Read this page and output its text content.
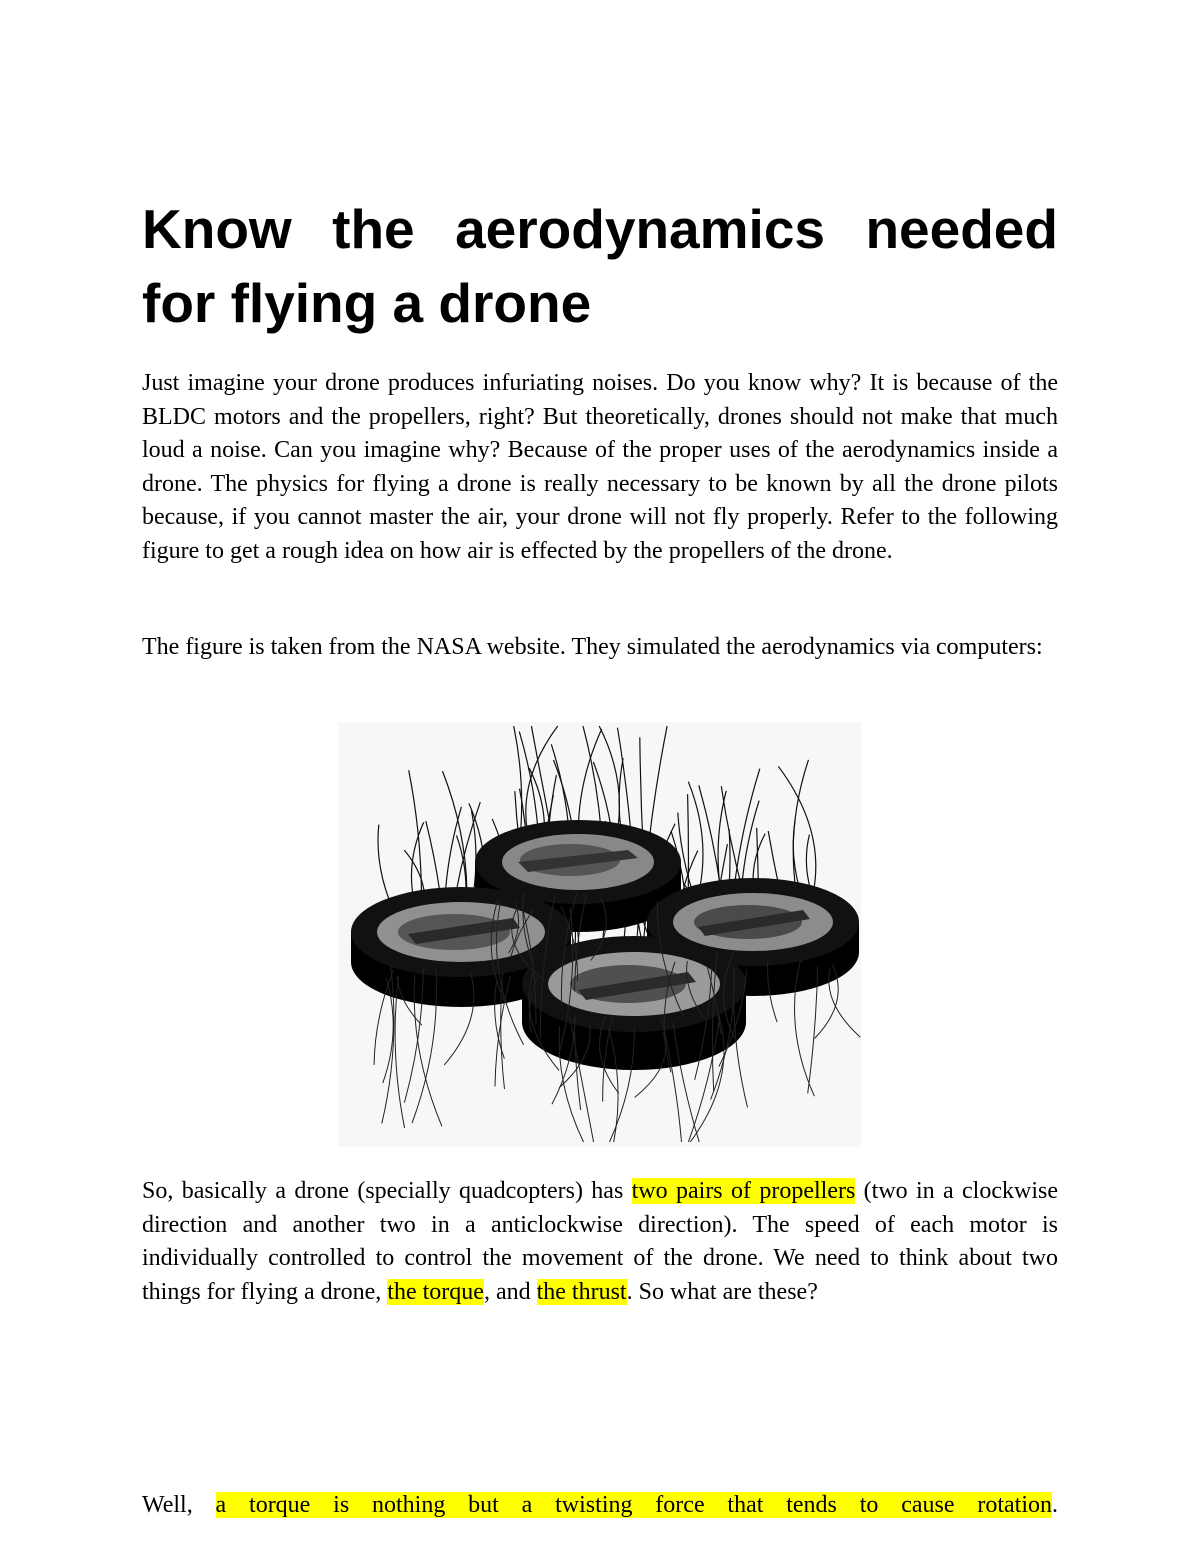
Know the aerodynamics needed for flying a drone

Just imagine your drone produces infuriating noises. Do you know why? It is because of the BLDC motors and the propellers, right? But theoretically, drones should not make that much loud a noise. Can you imagine why? Because of the proper uses of the aerodynamics inside a drone. The physics for flying a drone is really necessary to be known by all the drone pilots because, if you cannot master the air, your drone will not fly properly. Refer to the following figure to get a rough idea on how air is effected by the propellers of the drone.

The figure is taken from the NASA website. They simulated the aerodynamics via computers:

So, basically a drone (specially quadcopters) has two pairs of propellers (two in a clockwise direction and another two in a anticlockwise direction). The speed of each motor is individually controlled to control the movement of the drone. We need to think about two things for flying a drone, the torque, and the thrust. So what are these?

Well, a torque is nothing but a twisting force that tends to cause rotation.
